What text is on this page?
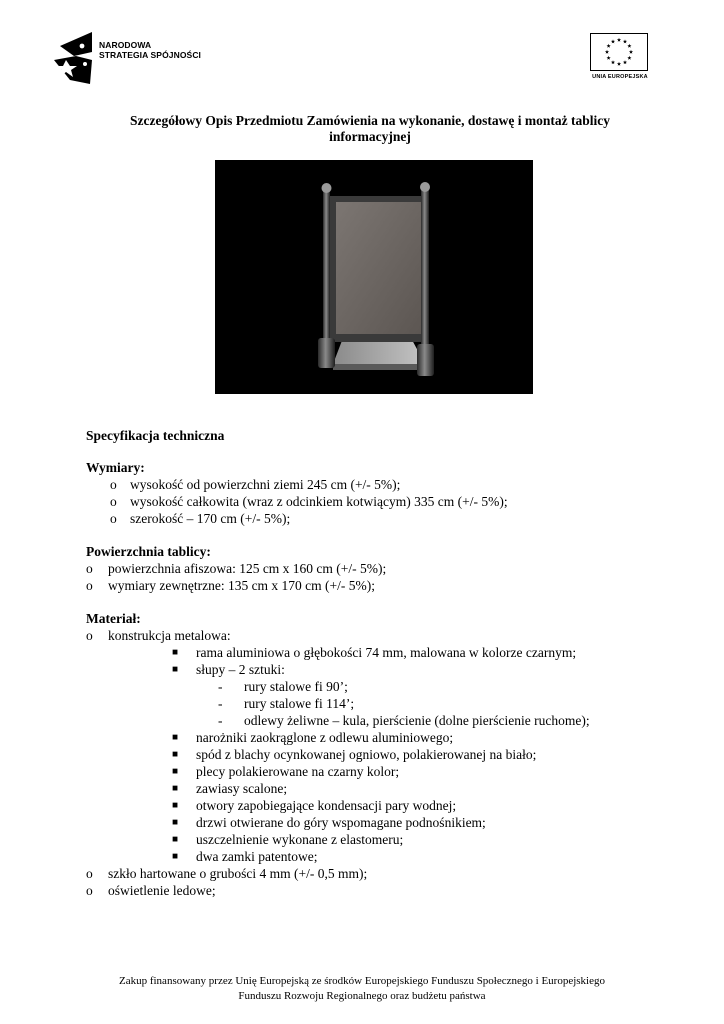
NARODOWA
STRATEGIA SPÓJNOŚCI
UNIA EUROPEJSKA
Szczegółowy Opis Przedmiotu Zamówienia na wykonanie, dostawę i montaż tablicy informacyjnej
Specyfikacja techniczna
Wymiary:
o wysokość od powierzchni ziemi 245 cm (+/- 5%);
o wysokość całkowita (wraz z odcinkiem kotwiącym) 335 cm (+/- 5%);
o szerokość – 170 cm (+/- 5%);
Powierzchnia tablicy:
o powierzchnia afiszowa: 125 cm x 160 cm (+/- 5%);
o wymiary zewnętrzne: 135 cm x 170 cm (+/- 5%);
Materiał:
o konstrukcja metalowa:
■ rama aluminiowa o głębokości 74 mm, malowana w kolorze czarnym;
■ słupy – 2 sztuki:
- rury stalowe fi 90’;
- rury stalowe fi 114’;
- odlewy żeliwne – kula, pierścienie (dolne pierścienie ruchome);
■ narożniki zaokrąglone z odlewu aluminiowego;
■ spód z blachy ocynkowanej ogniowo, polakierowanej na biało;
■ plecy polakierowane na czarny kolor;
■ zawiasy scalone;
■ otwory zapobiegające kondensacji pary wodnej;
■ drzwi otwierane do góry wspomagane podnośnikiem;
■ uszczelnienie wykonane z elastomeru;
■ dwa zamki patentowe;
o szkło hartowane o grubości 4 mm (+/- 0,5 mm);
o oświetlenie ledowe;
Zakup finansowany przez Unię Europejską ze środków Europejskiego Funduszu Społecznego i Europejskiego
Funduszu Rozwoju Regionalnego oraz budżetu państwa
